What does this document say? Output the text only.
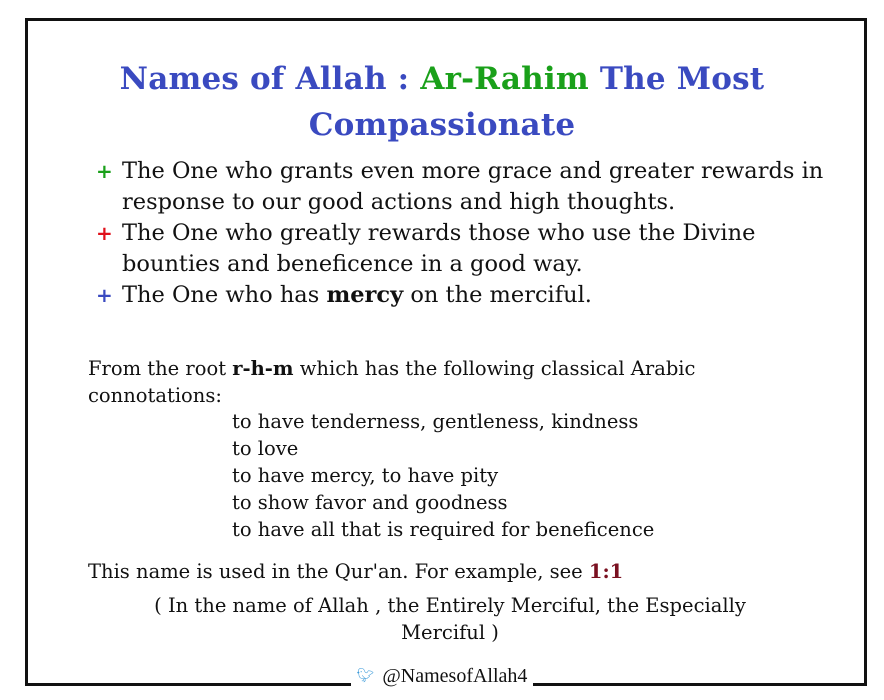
Names of Allah : Ar-Rahim The Most Compassionate
+ The One who grants even more grace and greater rewards in response to our good actions and high thoughts.
+ The One who greatly rewards those who use the Divine bounties and beneficence in a good way.
+ The One who has mercy on the merciful.
From the root r-h-m which has the following classical Arabic connotations:
to have tenderness, gentleness, kindness
to love
to have mercy, to have pity
to show favor and goodness
to have all that is required for beneficence
This name is used in the Qur'an. For example, see 1:1
( In the name of Allah , the Entirely Merciful, the Especially Merciful )
🐦︎ @NamesofAllah4
